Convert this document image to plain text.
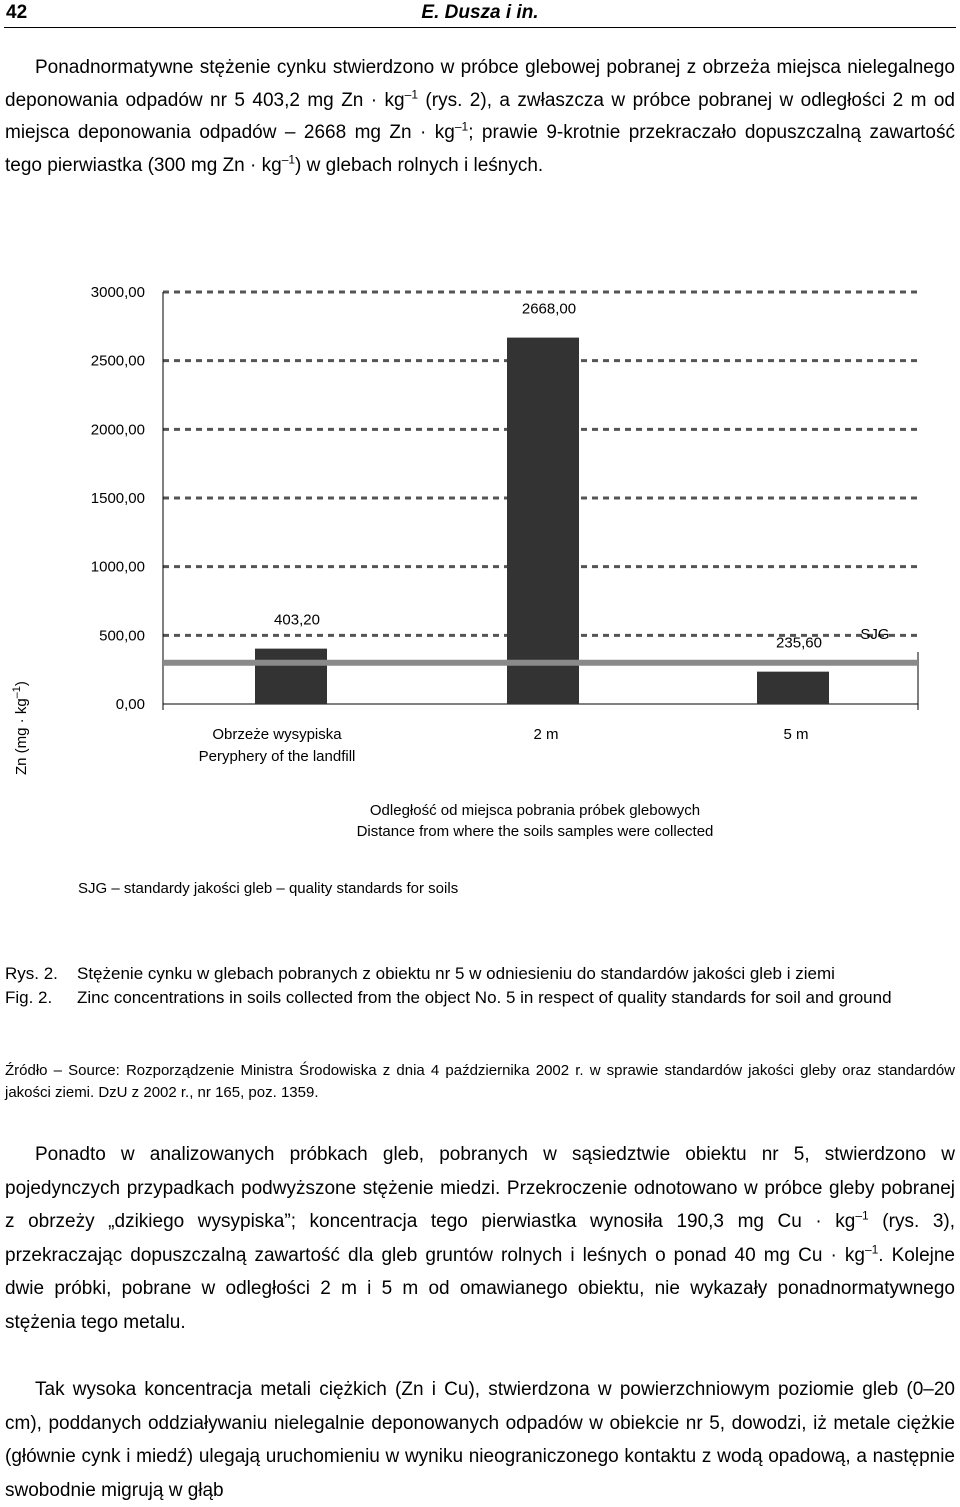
42	E. Dusza i in.

Ponadnormatywne stężenie cynku stwierdzono w próbce glebowej pobranej z obrzeża miejsca nielegalnego deponowania odpadów nr 5 403,2 mg $Zn \cdot kg^{-1}$ (rys. 2), a zwłaszcza w próbce pobranej w odległości 2 m od miejsca deponowania odpadów – 2668 mg $Zn \cdot kg^{-1}$; prawie 9-krotnie przekraczało dopuszczalną zawartość tego pierwiastka (300 mg $Zn \cdot kg^{-1}$) w glebach rolnych i leśnych.

0,00
500,00
1000,00
1500,00
2000,00
2500,00
3000,00
SJG
403,20
2668,00
235,60
Obrzeże wysypiska
Peryphery of the landfill
2 m	5 m
Zn $(mg \cdot kg^{-1})$
Odległość od miejsca pobrania próbek glebowych
Distance from where the soils samples were collected
SJG – standardy jakości gleb – quality standards for soils
Rys. 2. Stężenie cynku w glebach pobranych z obiektu nr 5 w odniesieniu do standardów jakości gleb i ziemi
Fig. 2. Zinc concentrations in soils collected from the object No. 5 in respect of quality standards for soil and ground
Źródło – Source: Rozporządzenie Ministra Środowiska z dnia 4 października 2002 r. w sprawie standardów jakości gleby oraz standardów jakości ziemi. DzU z 2002 r., nr 165, poz. 1359.

Ponadto w analizowanych próbkach gleb, pobranych w sąsiedztwie obiektu nr 5, stwierdzono w pojedynczych przypadkach podwyższone stężenie miedzi. Przekroczenie odnotowano w próbce gleby pobranej z obrzeży „dzikiego wysypiska”; koncentracja tego pierwiastka wynosiła 190,3 mg $Cu \cdot kg^{-1}$ (rys. 3), przekraczając dopuszczalną zawartość dla gleb gruntów rolnych i leśnych o ponad 40 mg $Cu \cdot kg^{-1}$. Kolejne dwie próbki, pobrane w odległości 2 m i 5 m od omawianego obiektu, nie wykazały ponadnormatywnego stężenia tego metalu.

Tak wysoka koncentracja metali ciężkich (Zn i Cu), stwierdzona w powierzchniowym poziomie gleb (0–20 cm), poddanych oddziaływaniu nielegalnie deponowanych odpadów w obiekcie nr 5, dowodzi, iż metale ciężkie (głównie cynk i miedź) ulegają uruchomieniu w wyniku nieograniczonego kontaktu z wodą opadową, a następnie swobodnie migrują w głąb
